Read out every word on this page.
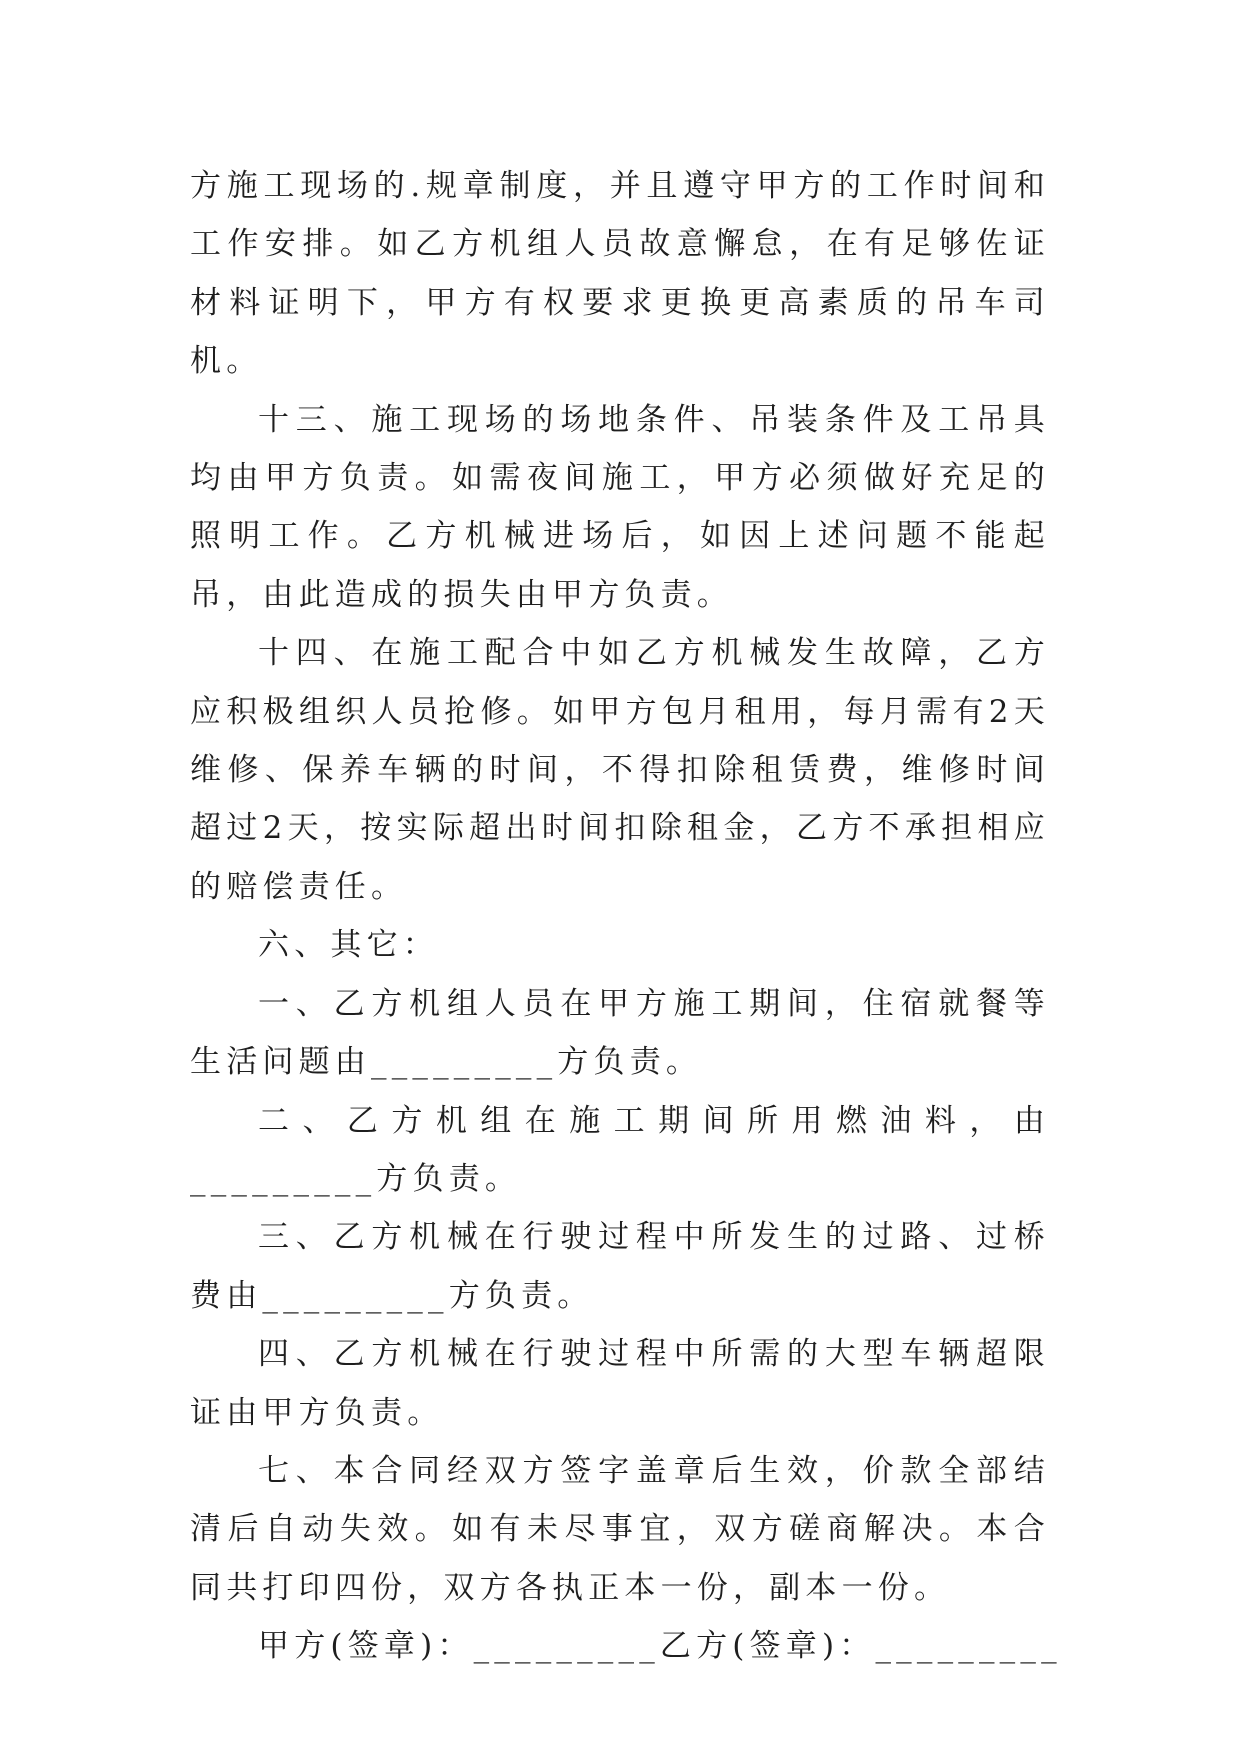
方施工现场的.规章制度，并且遵守甲方的工作时间和工作安排。如乙方机组人员故意懈怠，在有足够佐证材料证明下，甲方有权要求更换更高素质的吊车司机。

十三、施工现场的场地条件、吊装条件及工吊具均由甲方负责。如需夜间施工，甲方必须做好充足的照明工作。乙方机械进场后，如因上述问题不能起吊，由此造成的损失由甲方负责。

十四、在施工配合中如乙方机械发生故障，乙方应积极组织人员抢修。如甲方包月租用，每月需有2天维修、保养车辆的时间，不得扣除租赁费，维修时间超过2天，按实际超出时间扣除租金，乙方不承担相应的赔偿责任。

六、其它：

一、乙方机组人员在甲方施工期间，住宿就餐等生活问题由_________方负责。

二、乙方机组在施工期间所用燃油料，由_________方负责。

三、乙方机械在行驶过程中所发生的过路、过桥费由_________方负责。

四、乙方机械在行驶过程中所需的大型车辆超限证由甲方负责。

七、本合同经双方签字盖章后生效，价款全部结清后自动失效。如有未尽事宜，双方磋商解决。本合同共打印四份，双方各执正本一份，副本一份。

甲方(签章)：_________乙方(签章)：_________
